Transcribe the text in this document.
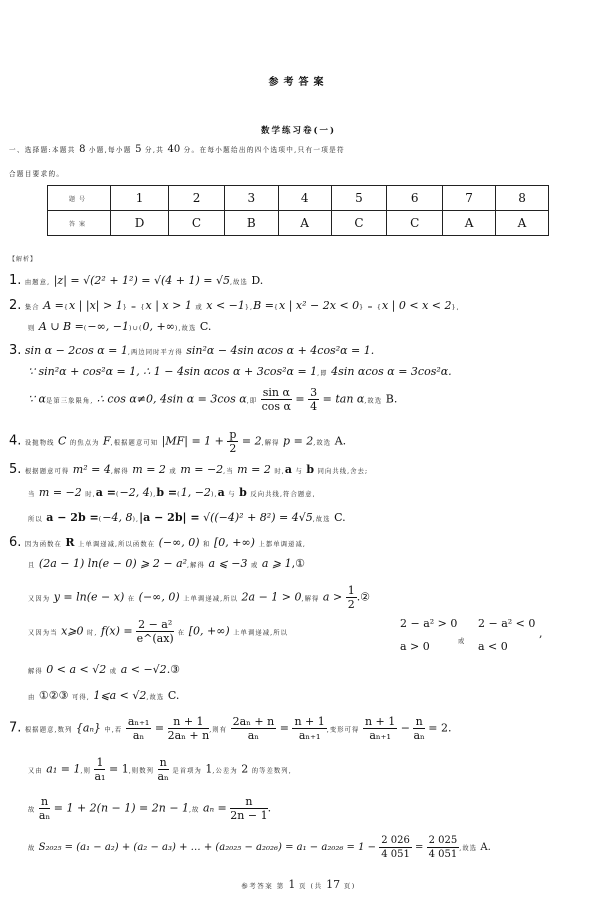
参考答案
数学练习卷(一)
一、选择题:本题共 8 小题,每小题 5 分,共 40 分。在每小题给出的四个选项中,只有一项是符
合题目要求的。
题号	1	2	3	4	5	6	7	8
答案	D	C	B	A	C	C	A	A
【解析】
1. 由题意, |z| = √(2² + 1²) = √(4 + 1) = √5,故选 D.
2. 集合 A ={x | |x| > 1} = {x | x > 1 或 x < −1},B ={x | x² − 2x < 0} = {x | 0 < x < 2},
则 A ∪ B =(−∞, −1)∪(0, +∞),故选 C.
3. sin α − 2cos α = 1,两边同时平方得 sin²α − 4sin αcos α + 4cos²α = 1.
∵ sin²α + cos²α = 1, ∴ 1 − 4sin αcos α + 3cos²α = 1,即 4sin αcos α = 3cos²α.
∵ α是第三象限角, ∴ cos α≠0, 4sin α = 3cos α,即 $\frac{\text{sin α}}{\text{cos α}} = \frac{3}{4} = \tan \alpha$,故选 B.
4. 设抛物线 C 的焦点为 F,根据题意可知 $|MF| = 1 + \frac{p}{2} = 2$,解得 p = 2,故选 A.
5. 根据题意可得 m² = 4,解得 m = 2 或 m = −2,当 m = 2 时,a 与 b 同向共线,舍去;
当 m = −2 时,a =(−2, 4),b =(1, −2),a 与 b 反向共线,符合题意,
所以 a − 2b =(−4, 8),|a − 2b| = √((−4)² + 8²) = 4√5,故选 C.
6. 因为函数在 R 上单调递减,所以函数在 (−∞, 0) 和 [0, +∞) 上都单调递减,
且 (2a − 1) ln(e − 0) ⩾ 2 − a²,解得 a ⩽ −3 或 a ⩾ 1,①
又因为 y = ln(e − x) 在 (−∞, 0) 上单调递减,所以 2a − 1 > 0,解得 $a > \frac{1}{2}$ .②
又因为当 x⩾0 时, $f(x) = \frac{\text{2 − a²}}{e\^{}(ax)}$ 在 [0, +∞) 上单调递减,所以
2 − a² > 0
a > 0	或
2 − a² < 0
a < 0
,
解得 0 < a < √2 或 a < −√2.③
由 ①②③ 可得, 1⩽a < √2,故选 C.
7. 根据题意,数列 {aₙ} 中,若 $\frac{\text{aₙ₊₁}}{\text{aₙ}} = \frac{n + 1}{\text{2aₙ + n}}$ ,则有 $\frac{\text{2aₙ + n}}{\text{aₙ}} = \frac{n + 1}{\text{aₙ₊₁}}$ ,变形可得 $\frac{n + 1}{\text{aₙ₊₁}} - \frac{n}{\text{aₙ}} = 2$.
又由 a₁ = 1,则 $\frac{1}{\text{a₁}} = 1$,则数列 $\frac{n}{\text{aₙ}}$ 是首项为 1,公差为 2 的等差数列,
故 $\frac{n}{\text{aₙ}} = 1 + 2(n - 1) = 2n - 1$,故 $a_n = \frac{n}{2n - 1}$ .
故 S₂₀₂₅ = (a₁ − a₂) + (a₂ − a₃) + … + $(a_{2025} - a_{2026}) = a_1 - a_{2026} = 1 - \frac{2 026}{4 051} = \frac{2 025}{4 051}$ ,故选 A.
参考答案 第 1 页 (共 17 页)
